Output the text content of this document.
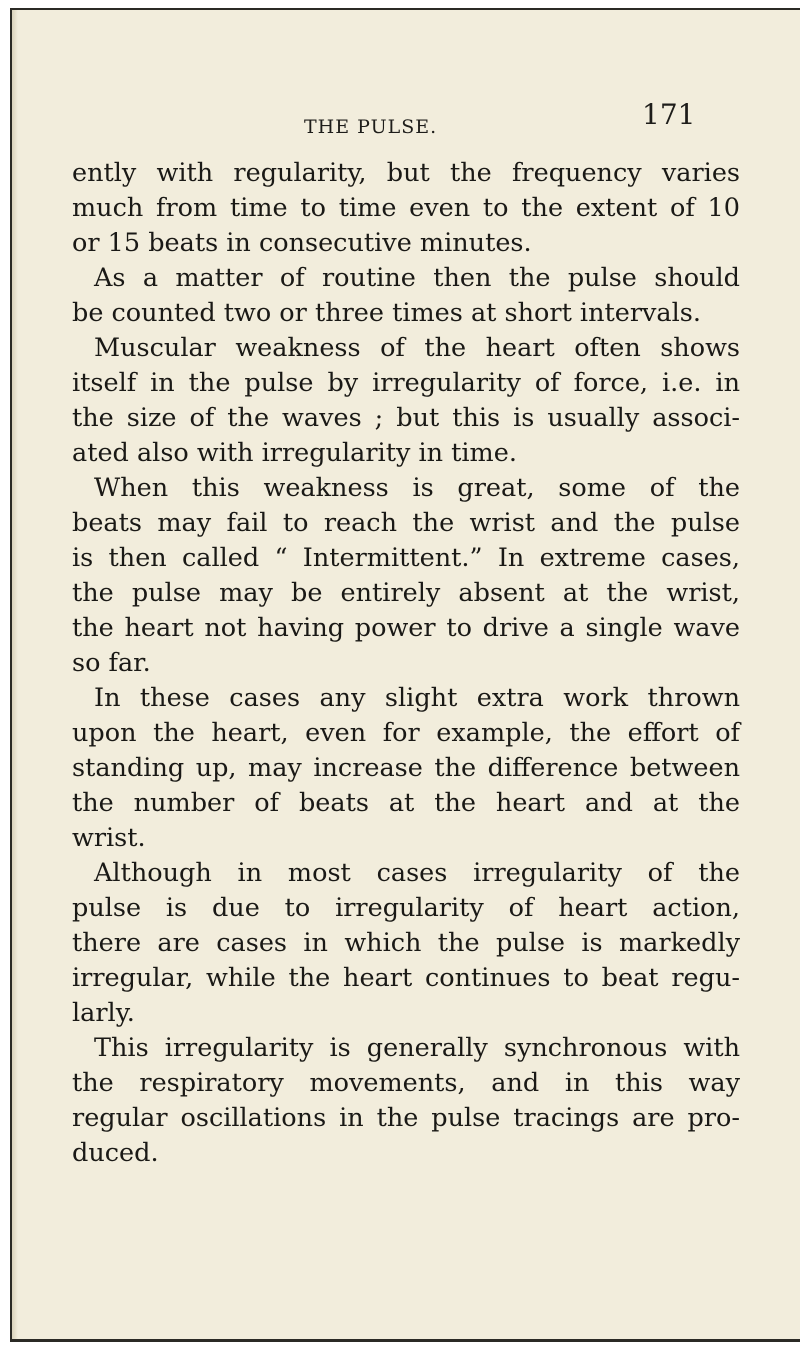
THE PULSE.	171
ently with regularity, but the frequency varies
much from time to time even to the extent of 10
or 15 beats in consecutive minutes.
As a matter of routine then the pulse should
be counted two or three times at short intervals.
Muscular weakness of the heart often shows
itself in the pulse by irregularity of force, i.e. in
the size of the waves ; but this is usually associ-
ated also with irregularity in time.
When this weakness is great, some of the
beats may fail to reach the wrist and the pulse
is then called “ Intermittent.” In extreme cases,
the pulse may be entirely absent at the wrist,
the heart not having power to drive a single wave
so far.
In these cases any slight extra work thrown
upon the heart, even for example, the effort of
standing up, may increase the difference between
the number of beats at the heart and at the
wrist.
Although in most cases irregularity of the
pulse is due to irregularity of heart action,
there are cases in which the pulse is markedly
irregular, while the heart continues to beat regu-
larly.
This irregularity is generally synchronous with
the respiratory movements, and in this way
regular oscillations in the pulse tracings are pro-
duced.
